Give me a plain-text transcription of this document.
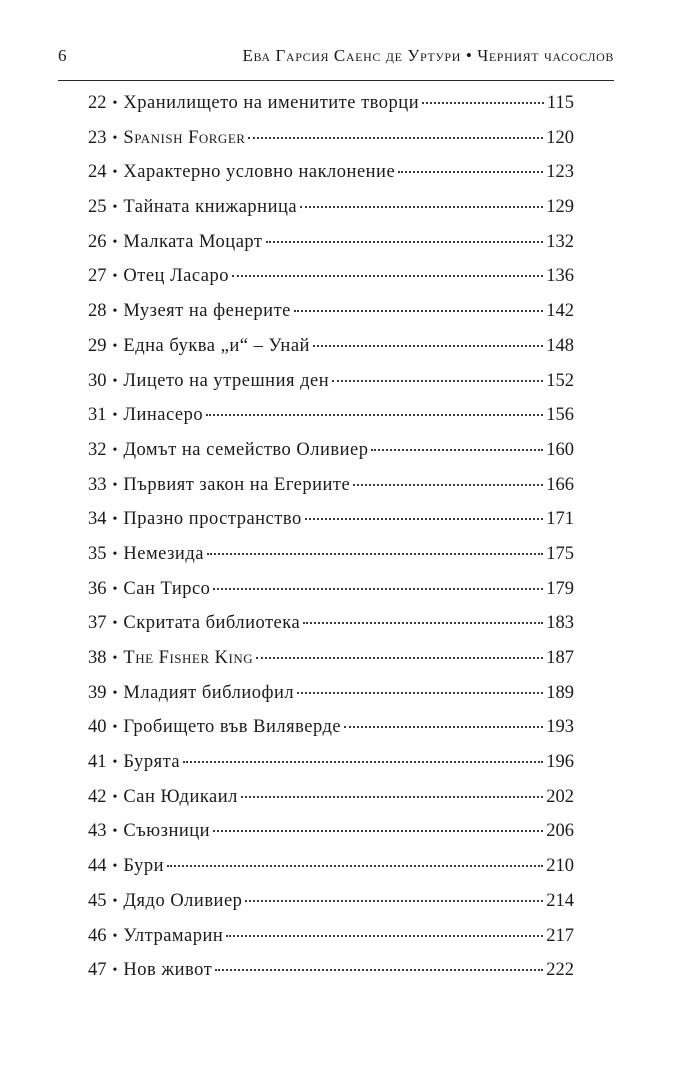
6	Ева Гарсия Саенс де Уртури • Черният часослов
22 • Хранилището на именитите творци	115
23 • Spanish Forger	120
24 • Характерно условно наклонение	123
25 • Тайната книжарница	129
26 • Малката Моцарт	132
27 • Отец Ласаро	136
28 • Музеят на фенерите	142
29 • Една буква „и“ – Унай	148
30 • Лицето на утрешния ден	152
31 • Линасеро	156
32 • Домът на семейство Оливиер	160
33 • Първият закон на Егериите	166
34 • Празно пространство	171
35 • Немезида	175
36 • Сан Тирсо	179
37 • Скритата библиотека	183
38 • The Fisher King	187
39 • Младият библиофил	189
40 • Гробището във Виляверде	193
41 • Бурята	196
42 • Сан Юдикаил	202
43 • Съюзници	206
44 • Бури	210
45 • Дядо Оливиер	214
46 • Ултрамарин	217
47 • Нов живот	222
